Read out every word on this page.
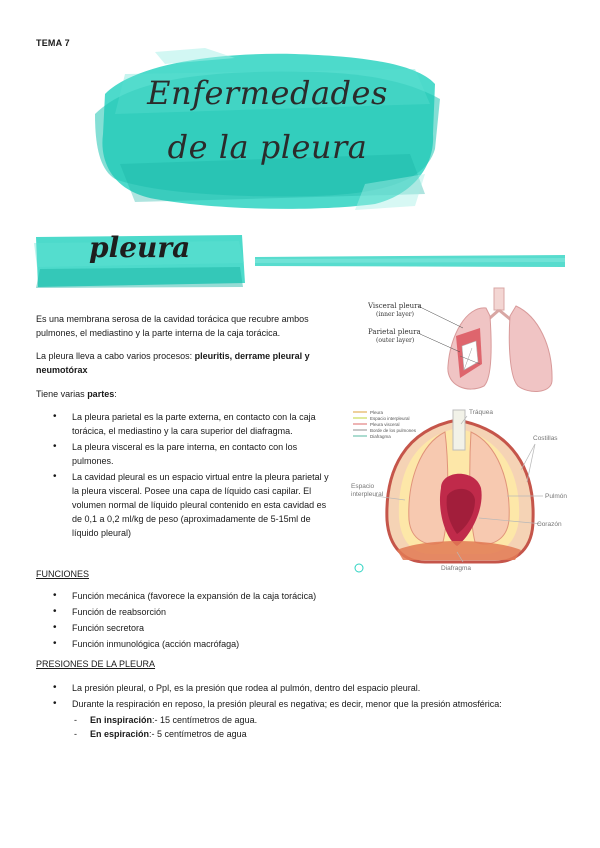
TEMA 7
Enfermedades
de la pleura
pleura
Es una membrana serosa de la cavidad torácica que recubre ambos pulmones, el mediastino y la parte interna de la caja torácica.
La pleura lleva a cabo varios procesos: pleuritis, derrame pleural y neumotórax
Tiene varias partes:
• La pleura parietal es la parte externa, en contacto con la caja torácica, el mediastino y la cara superior del diafragma.
• La pleura visceral es la pare interna, en contacto con los pulmones.
• La cavidad pleural es un espacio virtual entre la pleura parietal y la pleura visceral. Posee una capa de líquido casi capilar. El volumen normal de líquido pleural contenido en esta cavidad es de 0,1 a 0,2 ml/kg de peso (aproximadamente de 5-15ml de líquido pleural)
FUNCIONES
• Función mecánica (favorece la expansión de la caja torácica)
• Función de reabsorción
• Función secretora
• Función inmunológica (acción macrófaga)
PRESIONES DE LA PLEURA
• La presión pleural, o Ppl, es la presión que rodea al pulmón, dentro del espacio pleural.
• Durante la respiración en reposo, la presión pleural es negativa; es decir, menor que la presión atmosférica:
- En inspiración:- 15 centímetros de agua.
- En espiración:- 5 centímetros de agua
Visceral pleura
(inner layer)
Parietal pleura
(outer layer)
Pleura
Espacio interpleural
Pleura visceral
Borde de los pulmones
Diafragma
Tráquea
Costillas
Espacio
interpleural	Pulmón
Corazón
Diafragma
